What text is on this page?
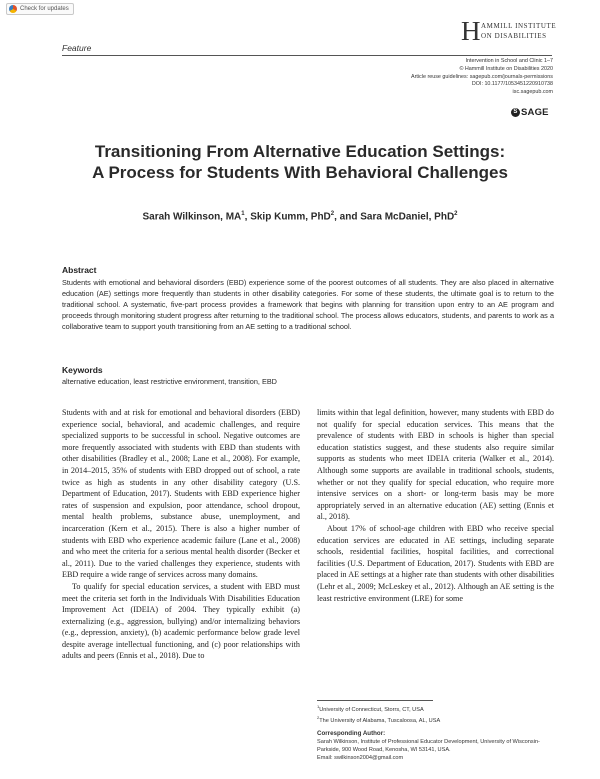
Check for updates
H AMMILL INSTITUTE
ON DISABILITIES
Feature
Intervention in School and Clinic 1–7
© Hammill Institute on Disabilities 2020
Article reuse guidelines: sagepub.com/journals-permissions
DOI: 10.1177/1053451220910738
isc.sagepub.com
S SAGE
Transitioning From Alternative Education Settings:
A Process for Students With Behavioral Challenges
Sarah Wilkinson, $MA^1$, Skip Kumm, PhD$^2$, and Sara McDaniel, PhD$^2$
Abstract
Students with emotional and behavioral disorders (EBD) experience some of the poorest outcomes of all students. They are also placed in alternative education (AE) settings more frequently than students in other disability categories. For some of these students, the ultimate goal is to return to the traditional school. A systematic, five-part process provides a framework that begins with planning for transition upon entry to an AE program and proceeds through monitoring student progress after returning to the traditional school. The process allows educators, students, and parents to work as a collaborative team to support youth transitioning from an AE setting to a traditional school.
Keywords
alternative education, least restrictive environment, transition, EBD

Students with and at risk for emotional and behavioral disorders (EBD) experience social, behavioral, and academic challenges, and require specialized supports to be successful in school. Negative outcomes are more frequently associated with students with EBD than students with other disabilities (Bradley et al., 2008; Lane et al., 2008). For example, in 2014–2015, 35% of students with EBD dropped out of school, a rate twice as high as students in any other disability category (U.S. Department of Education, 2017). Students with EBD experience higher rates of suspension and expulsion, poor attendance, school dropout, mental health problems, substance abuse, unemployment, and incarceration (Kern et al., 2015). There is also a higher number of students with EBD who experience academic failure (Lane et al., 2008) and who meet the criteria for a serious mental health disorder (Becker et al., 2011). Due to the varied challenges they experience, students with EBD require a wide range of services across many domains.

To qualify for special education services, a student with EBD must meet the criteria set forth in the Individuals With Disabilities Education Improvement Act (IDEIA) of 2004. They typically exhibit (a) externalizing (e.g., aggression, bullying) and/or internalizing behaviors (e.g., depression, anxiety), (b) academic performance below grade level despite average intellectual functioning, and (c) poor relationships with adults and peers (Ennis et al., 2018). Due to

limits within that legal definition, however, many students with EBD do not qualify for special education services. This means that the prevalence of students with EBD in schools is higher than special education statistics suggest, and these students also require similar supports as students who meet IDEIA criteria (Walker et al., 2014). Although some supports are available in traditional schools, students, whether or not they qualify for special education, who require more intensive services on a short- or long-term basis may be more appropriately served in an alternative education (AE) setting (Ennis et al., 2018).

About 17% of school-age children with EBD who receive special education services are educated in AE settings, including separate schools, residential facilities, hospital facilities, and correctional facilities (U.S. Department of Education, 2017). Students with EBD are placed in AE settings at a higher rate than students with other disabilities (Lehr et al., 2009; McLeskey et al., 2012). Although an AE setting is the least restrictive environment (LRE) for some

$^1$University of Connecticut, Storrs, CT, USA
$^2$The University of Alabama, Tuscaloosa, AL, USA
Corresponding Author:
Sarah Wilkinson, Institute of Professional Educator Development, University of Wisconsin-Parkside, 900 Wood Road, Kenosha, WI 53141, USA.
Email: swilkinson2004@gmail.com
